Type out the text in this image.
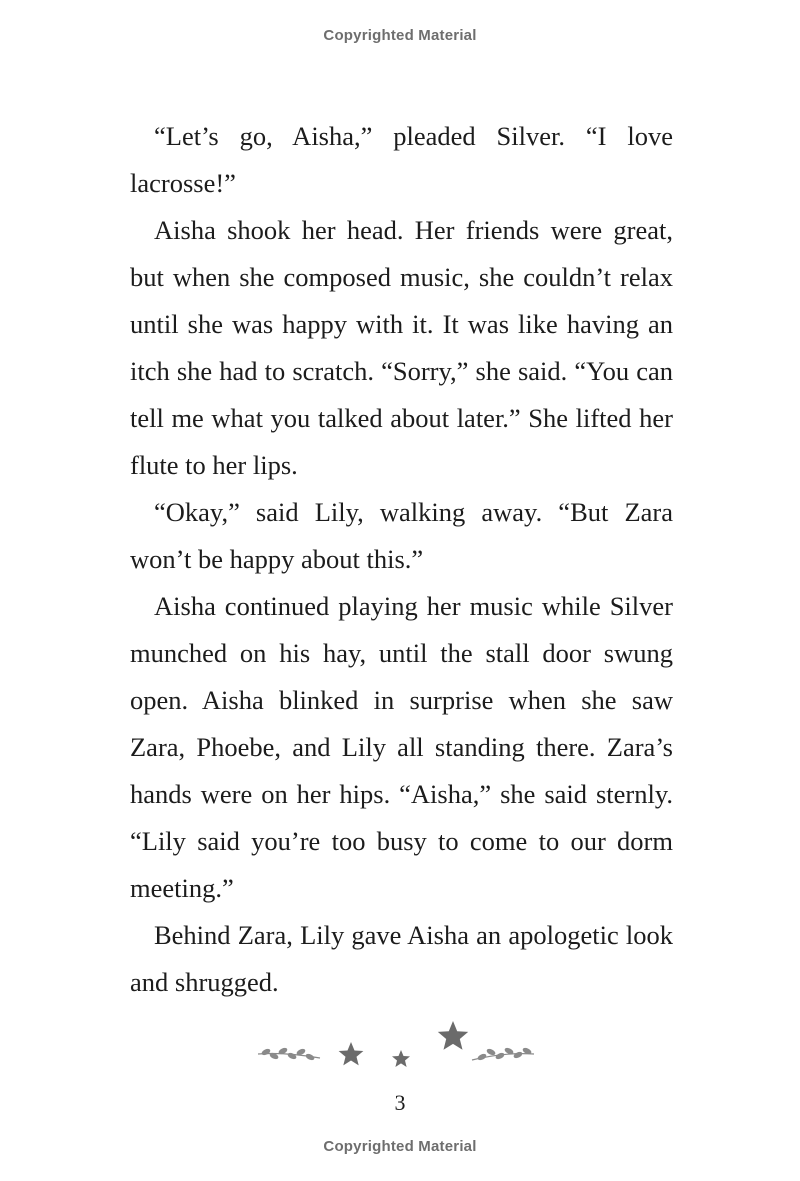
Copyrighted Material

“Let’s go, Aisha,” pleaded Silver. “I love lacrosse!”

Aisha shook her head. Her friends were great, but when she composed music, she couldn’t relax until she was happy with it. It was like having an itch she had to scratch. “Sorry,” she said. “You can tell me what you talked about later.” She lifted her flute to her lips.

“Okay,” said Lily, walking away. “But Zara won’t be happy about this.”

Aisha continued playing her music while Silver munched on his hay, until the stall door swung open. Aisha blinked in surprise when she saw Zara, Phoebe, and Lily all standing there. Zara’s hands were on her hips. “Aisha,” she said sternly. “Lily said you’re too busy to come to our dorm meeting.”

Behind Zara, Lily gave Aisha an apologetic look and shrugged.

3
Copyrighted Material
